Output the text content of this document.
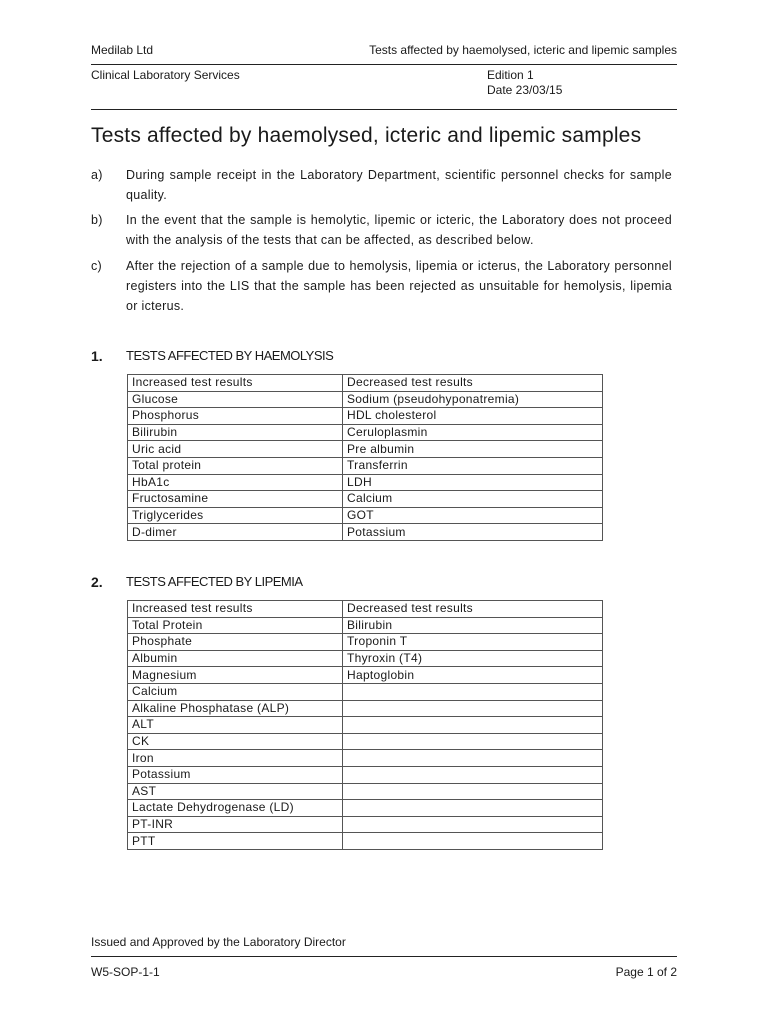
Medilab Ltd	Tests affected by haemolysed, icteric and lipemic samples
Clinical Laboratory Services	Edition 1
Date 23/03/15
Tests affected by haemolysed, icteric and lipemic samples
a) During sample receipt in the Laboratory Department, scientific personnel checks for sample quality.
b) In the event that the sample is hemolytic, lipemic or icteric, the Laboratory does not proceed with the analysis of the tests that can be affected, as described below.
c) After the rejection of a sample due to hemolysis, lipemia or icterus, the Laboratory personnel registers into the LIS that the sample has been rejected as unsuitable for hemolysis, lipemia or icterus.
1. TESTS AFFECTED BY HAEMOLYSIS
Increased test results	Decreased test results
Glucose	Sodium (pseudohyponatremia)
Phosphorus	HDL cholesterol
Bilirubin	Ceruloplasmin
Uric acid	Pre albumin
Total protein	Transferrin
HbA1c	LDH
Fructosamine	Calcium
Triglycerides	GOT
D-dimer	Potassium
2. TESTS AFFECTED BY LIPEMIA
Increased test results	Decreased test results
Total Protein	Bilirubin
Phosphate	Troponin T
Albumin	Thyroxin (T4)
Magnesium	Haptoglobin
Calcium	
Alkaline Phosphatase (ALP)	
ALT	
CK	
Iron	
Potassium	
AST	
Lactate Dehydrogenase (LD)	
PT-INR	
PTT	
Issued and Approved by the Laboratory Director
W5-SOP-1-1	Page 1 of 2
